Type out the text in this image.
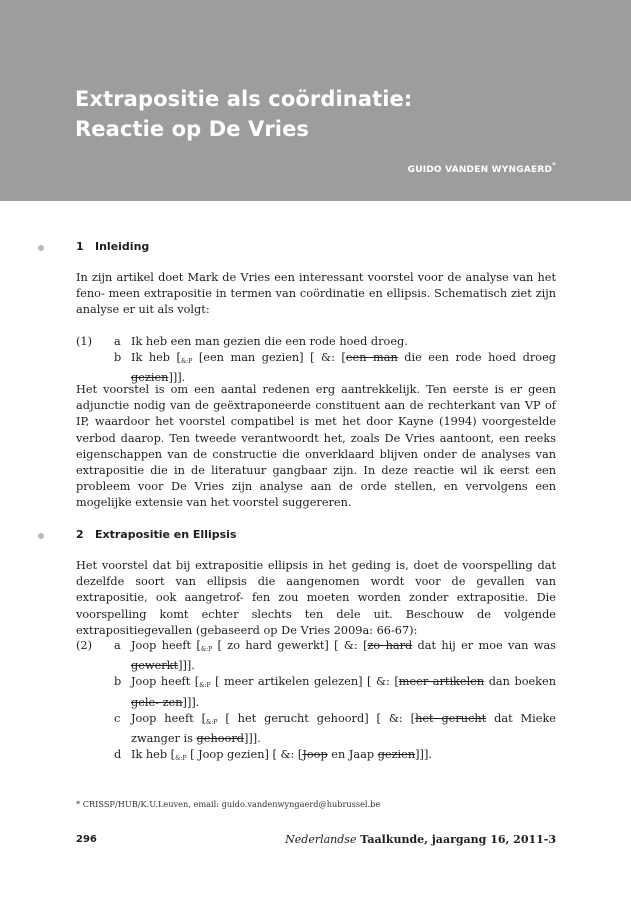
Extrapositie als coördinatie:
Reactie op De Vries
GUIDO VANDEN WYNGAERD*
1 Inleiding

In zijn artikel doet Mark de Vries een interessant voorstel voor de analyse van het feno- meen extrapositie in termen van coördinatie en ellipsis. Schematisch ziet zijn analyse er uit als volgt:

(1) a Ik heb een man gezien die een rode hoed droeg.
b Ik heb [$_{\&:P}$ [een man gezien] [ &: [een man die een rode hoed droeg gezien]]].

Het voorstel is om een aantal redenen erg aantrekkelijk. Ten eerste is er geen adjunctie nodig van de geëxtraponeerde constituent aan de rechterkant van VP of IP, waardoor het voorstel compatibel is met het door Kayne (1994) voorgestelde verbod daarop. Ten tweede verantwoordt het, zoals De Vries aantoont, een reeks eigenschappen van de constructie die onverklaard blijven onder de analyses van extrapositie die in de literatuur gangbaar zijn. In deze reactie wil ik eerst een probleem voor De Vries zijn analyse aan de orde stellen, en vervolgens een mogelijke extensie van het voorstel suggereren.

2 Extrapositie en Ellipsis

Het voorstel dat bij extrapositie ellipsis in het geding is, doet de voorspelling dat dezelfde soort van ellipsis die aangenomen wordt voor de gevallen van extrapositie, ook aangetrof- fen zou moeten worden zonder extrapositie. Die voorspelling komt echter slechts ten dele uit. Beschouw de volgende extrapositiegevallen (gebaseerd op De Vries 2009a: 66-67):

(2) a Joop heeft [$_{\&:P}$ [ zo hard gewerkt] [ &: [zo hard dat hij er moe van was gewerkt]]].
b Joop heeft [$_{\&:P}$ [ meer artikelen gelezen] [ &: [meer artikelen dan boeken gele- zen]]].
c Joop heeft [$_{\&:P}$ [ het gerucht gehoord] [ &: [het gerucht dat Mieke zwanger is gehoord]]].
d Ik heb [$_{\&:P}$ [ Joop gezien] [ &: [Joop en Jaap gezien]]].
* CRISSP/HUB/K.U.Leuven, email: guido.vandenwyngaerd@hubrussel.be
296	Nederlandse Taalkunde, jaargang 16, 2011-3
